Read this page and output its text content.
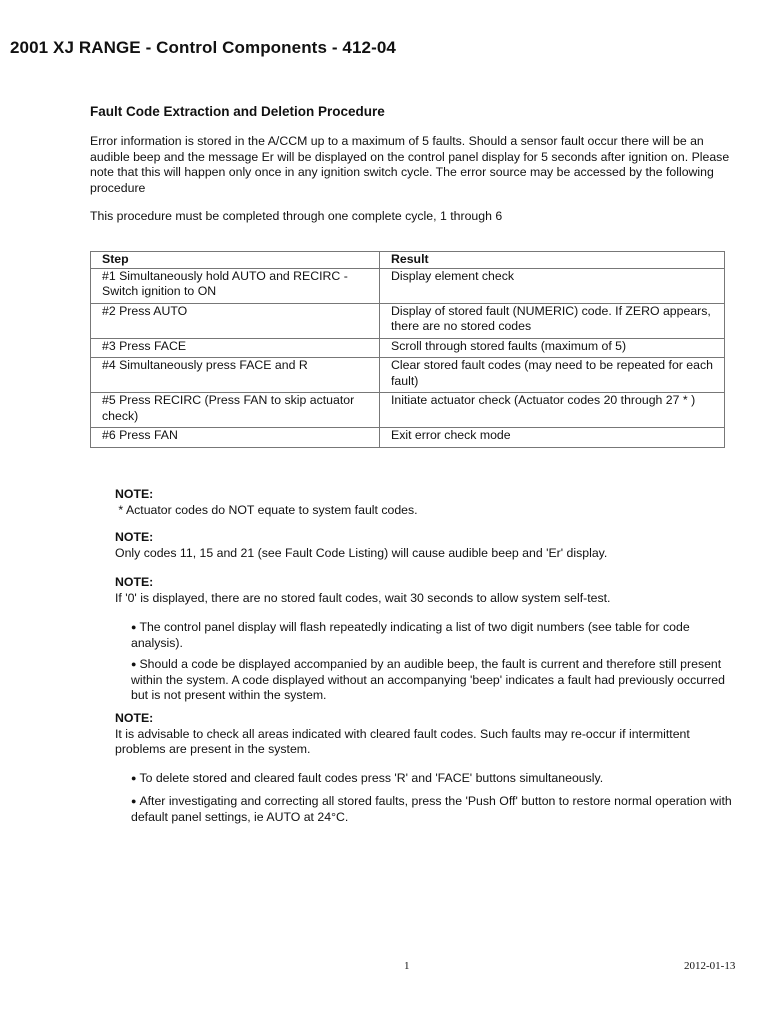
2001 XJ RANGE - Control Components - 412-04
Fault Code Extraction and Deletion Procedure
Error information is stored in the A/CCM up to a maximum of 5 faults. Should a sensor fault occur there will be an audible beep and the message Er will be displayed on the control panel display for 5 seconds after ignition on. Please note that this will happen only once in any ignition switch cycle. The error source may be accessed by the following procedure
This procedure must be completed through one complete cycle, 1 through 6
Step	Result
#1 Simultaneously hold AUTO and RECIRC - Switch ignition to ON	Display element check
#2 Press AUTO	Display of stored fault (NUMERIC) code. If ZERO appears, there are no stored codes
#3 Press FACE	Scroll through stored faults (maximum of 5)
#4 Simultaneously press FACE and R	Clear stored fault codes (may need to be repeated for each fault)
#5 Press RECIRC (Press FAN to skip actuator check)	Initiate actuator check (Actuator codes 20 through 27 * )
#6 Press FAN	Exit error check mode
NOTE:
* Actuator codes do NOT equate to system fault codes.
NOTE:
Only codes 11, 15 and 21 (see Fault Code Listing) will cause audible beep and 'Er' display.
NOTE:
If '0' is displayed, there are no stored fault codes, wait 30 seconds to allow system self-test.
● The control panel display will flash repeatedly indicating a list of two digit numbers (see table for code analysis).
● Should a code be displayed accompanied by an audible beep, the fault is current and therefore still present within the system. A code displayed without an accompanying 'beep' indicates a fault had previously occurred but is not present within the system.
NOTE:
It is advisable to check all areas indicated with cleared fault codes. Such faults may re-occur if intermittent problems are present in the system.
● To delete stored and cleared fault codes press 'R' and 'FACE' buttons simultaneously.
● After investigating and correcting all stored faults, press the 'Push Off' button to restore normal operation with default panel settings, ie AUTO at 24°C.
1	2012-01-13
